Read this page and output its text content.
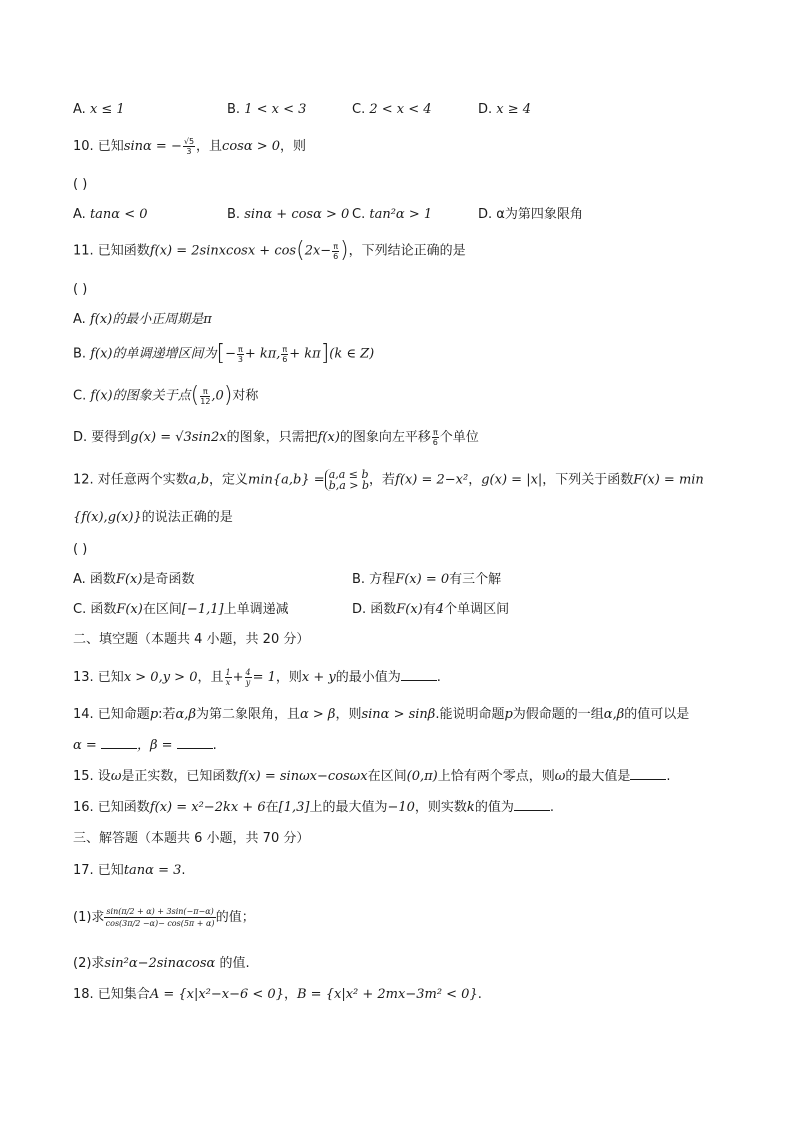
A. x ≤ 1	B. 1 < x < 3	C. 2 < x < 4	D. x ≥ 4
10. 已知sinα = − $\frac{√5}{3}$ ，且cosα > 0，则
( )
A. tanα < 0	B. sinα + cosα > 0 C. tan²α > 1	D. α为第四象限角
11. 已知函数f(x) = 2sinxcosx + $\cos(2x- \frac{\pi}{6}$ )，下列结论正确的是
( )
A. f(x)的最小正周期是π
B. f(x)的单调递增区间为[− $\frac{\pi}{3} + k\pi$, $\frac{\pi}{6} + k\pi](k$ ∈ Z)
C. f(x)的图象关于点( $\frac{\pi}{12} ,0$)对称
D. 要得到g(x) = √3sin2x的图象，只需把f(x)的图象向左平移 $\frac{\pi}{6}$ 个单位
12. 对任意两个实数a,b，定义min{a,b} = a,a ≤ b
b,a > b ，若f(x) = 2−x²，g(x) = |x|，下列关于函数F(x) = min
{f(x),g(x)}的说法正确的是
( )
A. 函数F(x)是奇函数	B. 方程F(x) = 0有三个解
C. 函数F(x)在区间[−1,1]上单调递减	D. 函数F(x)有4个单调区间
二、填空题（本题共 4 小题，共 20 分）
13. 已知x > 0,y > 0，且 $\frac{1}{x} + \frac{4}{y} = 1$，则x + y的最小值为	.
14. 已知命题p:若α,β为第二象限角，且α > β，则sinα > sinβ.能说明命题p为假命题的一组α,β的值可以是
α =	，β =	.
15. 设ω是正实数，已知函数f(x) = sinωx−cosωx在区间(0,π)上恰有两个零点，则ω的最大值是	.
16. 已知函数f(x) = x²−2kx + 6在[1,3]上的最大值为−10，则实数k的值为	.
三、解答题（本题共 6 小题，共 70 分）
17. 已知tanα = 3.
(1)求 $\frac{\sin(\pi/2 + \alpha) + 3\sin(-\pi-\alpha)}{\cos(3\pi/2 -\alpha)- \cos(5\pi + \alpha)}$ 的值；
(2)求sin²α−2sinαcosα 的值.
18. 已知集合A = {x|x²−x−6 < 0}，B = {x|x² + 2mx−3m² < 0}.
